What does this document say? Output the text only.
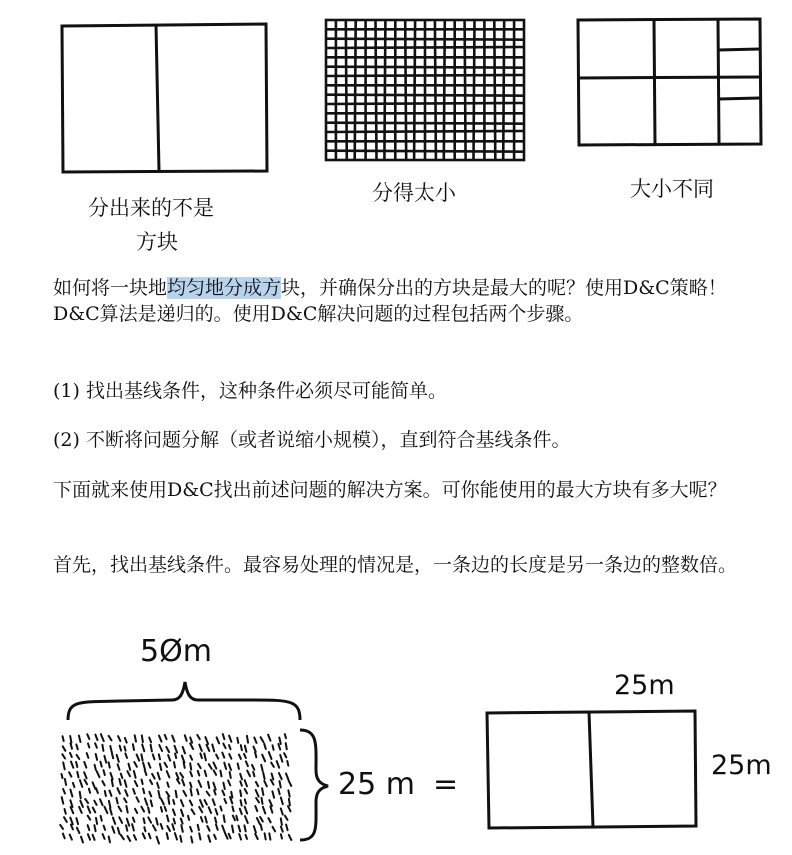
分出来的不是
方块
分得太小	大小不同

如何将一块地均匀地分成方块，并确保分出的方块是最大的呢？使用D&C策略！D&C算法是递归的。使用D&C解决问题的过程包括两个步骤。

(1) 找出基线条件，这种条件必须尽可能简单。

(2) 不断将问题分解（或者说缩小规模），直到符合基线条件。

下面就来使用D&C找出前述问题的解决方案。可你能使用的最大方块有多大呢？

首先，找出基线条件。最容易处理的情况是，一条边的长度是另一条边的整数倍。

5Øm
25 m =
25m
25m
